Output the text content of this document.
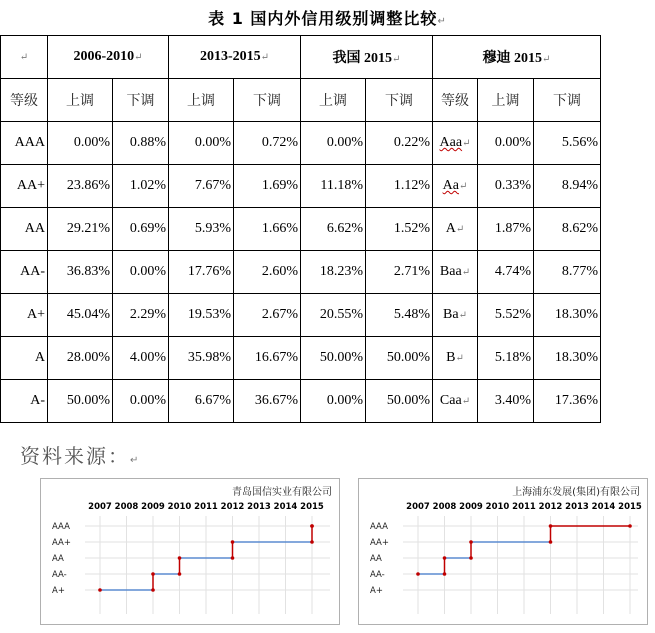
表 1 国内外信用级别调整比较↵
↵	2006-2010↵		2013-2015↵		我国 2015↵		穆迪 2015↵		
等级	上调	下调	上调	下调	上调	下调	等级	上调	下调
AAA	0.00%	0.88%	0.00%	0.72%	0.00%	0.22%	Aaa↵	0.00%	5.56%
AA+	23.86%	1.02%	7.67%	1.69%	11.18%	1.12%	Aa↵	0.33%	8.94%
AA	29.21%	0.69%	5.93%	1.66%	6.62%	1.52%	A↵	1.87%	8.62%
AA-	36.83%	0.00%	17.76%	2.60%	18.23%	2.71%	Baa↵	4.74%	8.77%
A+	45.04%	2.29%	19.53%	2.67%	20.55%	5.48%	Ba↵	5.52%	18.30%
A	28.00%	4.00%	35.98%	16.67%	50.00%	50.00%	B↵	5.18%	18.30%
A-	50.00%	0.00%	6.67%	36.67%	0.00%	50.00%	Caa↵	3.40%	17.36%
资料来源：↵
青岛国信实业有限公司
2007 2008 2009 2010 2011 2012 2013 2014 2015
AAA
AA+
AA
AA-
A+
上海浦东发展(集团)有限公司
2007 2008 2009 2010 2011 2012 2013 2014 2015
AAA
AA+
AA
AA-
A+
